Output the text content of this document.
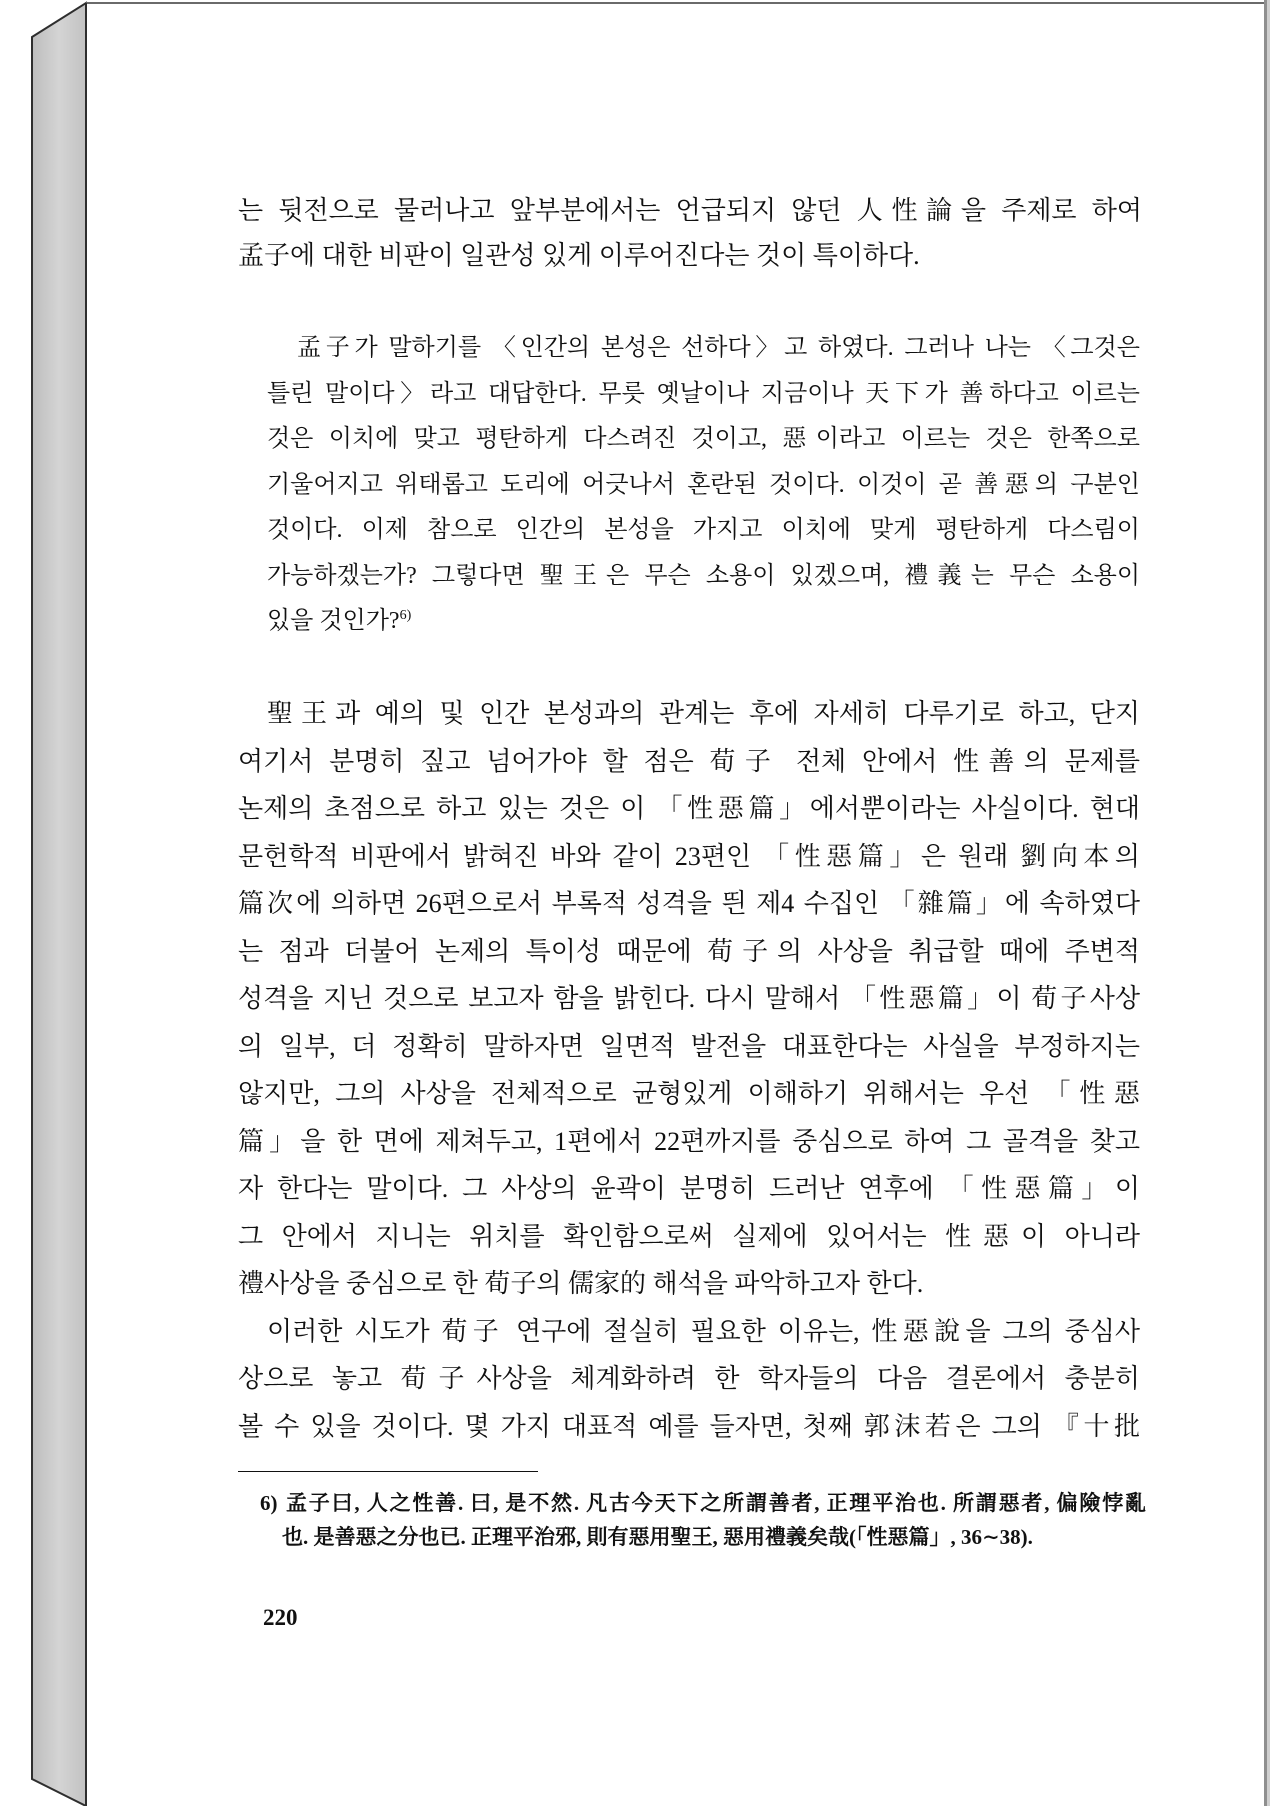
는 뒷전으로 물러나고 앞부분에서는 언급되지 않던 人性論을 주제로 하여
孟子에 대한 비판이 일관성 있게 이루어진다는 것이 특이하다.
孟子가 말하기를 〈인간의 본성은 선하다〉고 하였다. 그러나 나는 〈그것은
틀린 말이다〉라고 대답한다. 무릇 옛날이나 지금이나 天下가 善하다고 이르는
것은 이치에 맞고 평탄하게 다스려진 것이고, 惡이라고 이르는 것은 한쪽으로
기울어지고 위태롭고 도리에 어긋나서 혼란된 것이다. 이것이 곧 善惡의 구분인
것이다. 이제 참으로 인간의 본성을 가지고 이치에 맞게 평탄하게 다스림이
가능하겠는가? 그렇다면 聖王은 무슨 소용이 있겠으며, 禮義는 무슨 소용이
있을 것인가?$^{6)}$
聖王과 예의 및 인간 본성과의 관계는 후에 자세히 다루기로 하고, 단지
여기서 분명히 짚고 넘어가야 할 점은 荀子 전체 안에서 性善의 문제를
논제의 초점으로 하고 있는 것은 이 「性惡篇」에서뿐이라는 사실이다. 현대
문헌학적 비판에서 밝혀진 바와 같이 23편인 「性惡篇」은 원래 劉向本의
篇次에 의하면 26편으로서 부록적 성격을 띈 제4 수집인 「雜篇」에 속하였다
는 점과 더불어 논제의 특이성 때문에 荀子의 사상을 취급할 때에 주변적
성격을 지닌 것으로 보고자 함을 밝힌다. 다시 말해서 「性惡篇」이 荀子사상
의 일부, 더 정확히 말하자면 일면적 발전을 대표한다는 사실을 부정하지는
않지만, 그의 사상을 전체적으로 균형있게 이해하기 위해서는 우선 「性惡
篇」을 한 면에 제쳐두고, 1편에서 22편까지를 중심으로 하여 그 골격을 찾고
자 한다는 말이다. 그 사상의 윤곽이 분명히 드러난 연후에 「性惡篇」이
그 안에서 지니는 위치를 확인함으로써 실제에 있어서는 性惡이 아니라
禮사상을 중심으로 한 荀子의 儒家的 해석을 파악하고자 한다.
이러한 시도가 荀子 연구에 절실히 필요한 이유는, 性惡說을 그의 중심사
상으로 놓고 荀子사상을 체계화하려 한 학자들의 다음 결론에서 충분히
볼 수 있을 것이다. 몇 가지 대표적 예를 들자면, 첫째 郭沫若은 그의 『十批
6) 孟子曰, 人之性善. 曰, 是不然. 凡古今天下之所謂善者, 正理平治也. 所謂惡者, 偏險悖亂
也. 是善惡之分也已. 正理平治邪, 則有惡用聖王, 惡用禮義矣哉(「性惡篇」, 36∼38).
220
